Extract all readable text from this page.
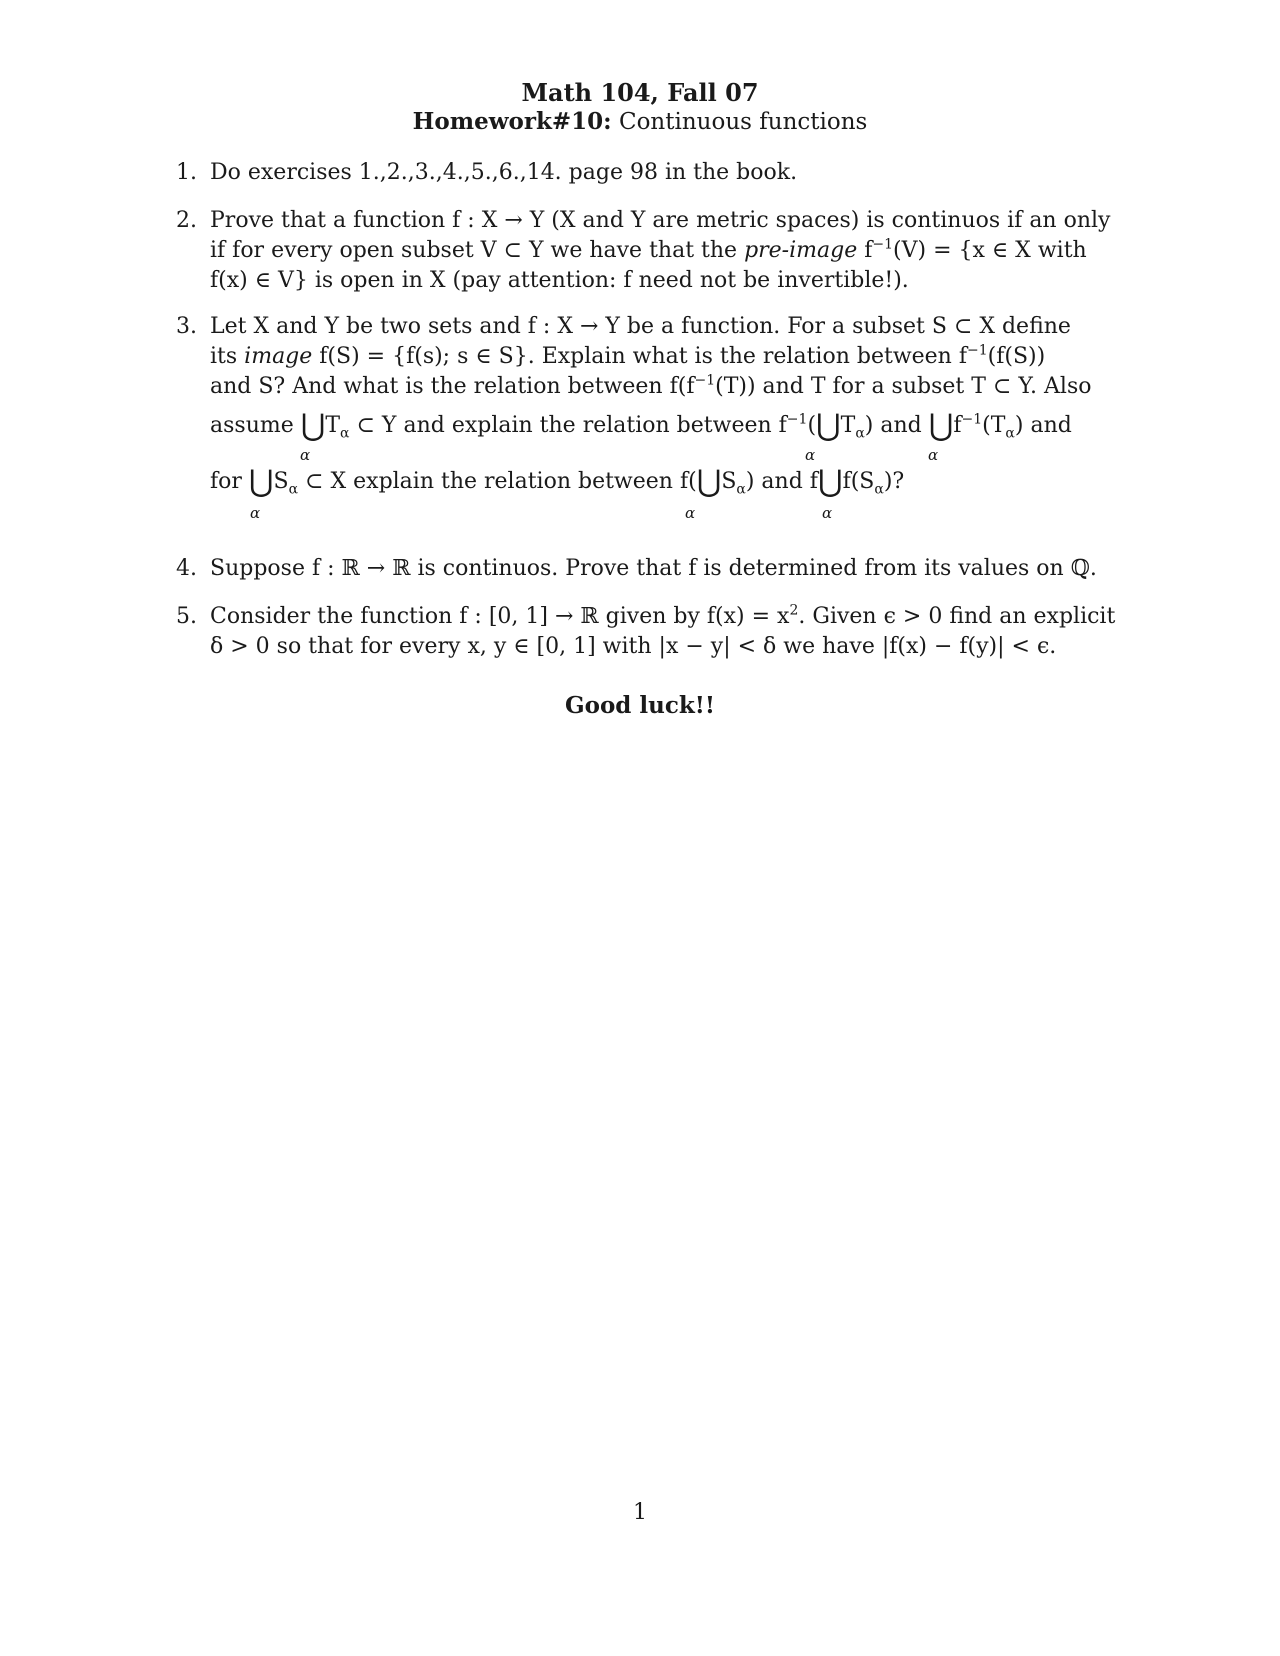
Math 104, Fall 07
Homework#10: Continuous functions
1. Do exercises 1.,2.,3.,4.,5.,6.,14. page 98 in the book.
2. Prove that a function f : X → Y (X and Y are metric spaces) is continuos if an only
if for every open subset V ⊂ Y we have that the pre-image $f^{-1}(V) = \{x$ ∈ X with
f(x) ∈ V} is open in X (pay attention: f need not be invertible!).
3. Let X and Y be two sets and f : X → Y be a function. For a subset S ⊂ X define
its image f(S) = {f(s); s ∈ S}. Explain what is the relation between $f^{-1}(f(S))$
and S? And what is the relation between $f(f^{-1}(T))$ and T for a subset T ⊂ Y. Also
assume $⋃T_\alpha$ ⊂ Y and explain the relation between $f^{-1}(⋃T_\alpha)$ and $⋃f^{-1}(T_\alpha)$ and
α	α	α
for $⋃S_\alpha$ ⊂ X explain the relation between $f(⋃S_\alpha)$ and $f⋃f(S_\alpha)$?
α	α	α
4. Suppose f : ℝ → ℝ is continuos. Prove that f is determined from its values on ℚ.
5. Consider the function f : [0, 1] → ℝ given by $f(x) = x^2$. Given ϵ > 0 find an explicit
δ > 0 so that for every x, y ∈ [0, 1] with |x − y| < δ we have |f(x) − f(y)| < ϵ.
Good luck!!
1
